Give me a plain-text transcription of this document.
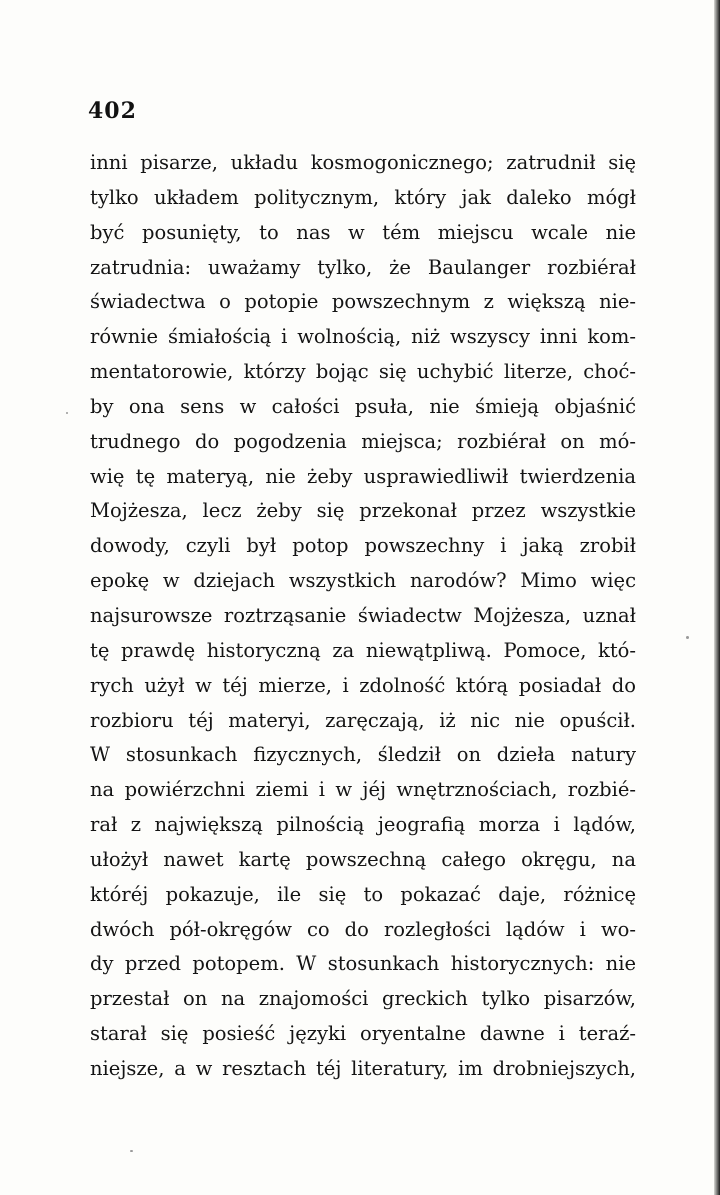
402
inni pisarze, układu kosmogonicznego; zatrudnił się
tylko układem politycznym, który jak daleko mógł
być posunięty, to nas w tém miejscu wcale nie
zatrudnia: uważamy tylko, że Baulanger rozbiérał
świadectwa o potopie powszechnym z większą nie-
równie śmiałością i wolnością, niż wszyscy inni kom-
mentatorowie, którzy bojąc się uchybić literze, choć-
by ona sens w całości psuła, nie śmieją objaśnić
trudnego do pogodzenia miejsca; rozbiérał on mó-
wię tę materyą, nie żeby usprawiedliwił twierdzenia
Mojżesza, lecz żeby się przekonał przez wszystkie
dowody, czyli był potop powszechny i jaką zrobił
epokę w dziejach wszystkich narodów? Mimo więc
najsurowsze roztrząsanie świadectw Mojżesza, uznał
tę prawdę historyczną za niewątpliwą. Pomoce, któ-
rych użył w téj mierze, i zdolność którą posiadał do
rozbioru téj materyi, zaręczają, iż nic nie opuścił.
W stosunkach fizycznych, śledził on dzieła natury
na powiérzchni ziemi i w jéj wnętrznościach, rozbié-
rał z największą pilnością jeografią morza i lądów,
ułożył nawet kartę powszechną całego okręgu, na
któréj pokazuje, ile się to pokazać daje, różnicę
dwóch pół-okręgów co do rozległości lądów i wo-
dy przed potopem. W stosunkach historycznych: nie
przestał on na znajomości greckich tylko pisarzów,
starał się posieść języki oryentalne dawne i teraź-
niejsze, a w resztach téj literatury, im drobniejszych,
